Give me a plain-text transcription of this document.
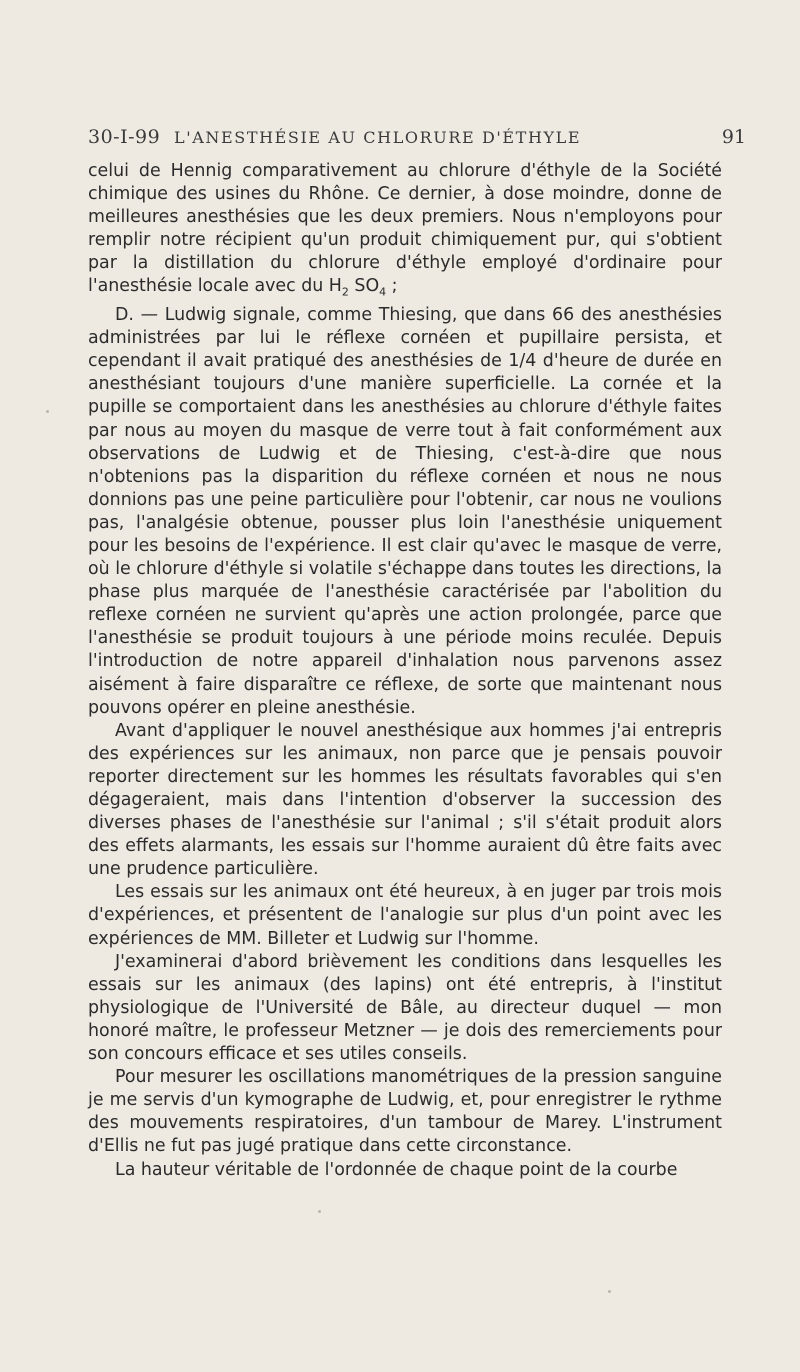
30-I-99 L'ANESTHÉSIE AU CHLORURE D'ÉTHYLE	91

celui de Hennig comparativement au chlorure d'éthyle de la Société chimique des usines du Rhône. Ce dernier, à dose moindre, donne de meilleures anesthésies que les deux premiers. Nous n'employons pour remplir notre récipient qu'un produit chimiquement pur, qui s'obtient par la distillation du chlorure d'éthyle employé d'ordinaire pour l'anesthésie locale avec du $H_2$ $SO_4$ ;

D. — Ludwig signale, comme Thiesing, que dans 66 des anesthésies administrées par lui le réflexe cornéen et pupillaire persista, et cependant il avait pratiqué des anesthésies de 1/4 d'heure de durée en anesthésiant toujours d'une manière superficielle. La cornée et la pupille se comportaient dans les anesthésies au chlorure d'éthyle faites par nous au moyen du masque de verre tout à fait conformément aux observations de Ludwig et de Thiesing, c'est-à-dire que nous n'obtenions pas la disparition du réflexe cornéen et nous ne nous donnions pas une peine particulière pour l'obtenir, car nous ne voulions pas, l'analgésie obtenue, pousser plus loin l'anesthésie uniquement pour les besoins de l'expérience. Il est clair qu'avec le masque de verre, où le chlorure d'éthyle si volatile s'échappe dans toutes les directions, la phase plus marquée de l'anesthésie caractérisée par l'abolition du reflexe cornéen ne survient qu'après une action prolongée, parce que l'anesthésie se produit toujours à une période moins reculée. Depuis l'introduction de notre appareil d'inhalation nous parvenons assez aisément à faire disparaître ce réflexe, de sorte que maintenant nous pouvons opérer en pleine anesthésie.

Avant d'appliquer le nouvel anesthésique aux hommes j'ai entrepris des expériences sur les animaux, non parce que je pensais pouvoir reporter directement sur les hommes les résultats favorables qui s'en dégageraient, mais dans l'intention d'observer la succession des diverses phases de l'anesthésie sur l'animal ; s'il s'était produit alors des effets alarmants, les essais sur l'homme auraient dû être faits avec une prudence particulière.

Les essais sur les animaux ont été heureux, à en juger par trois mois d'expériences, et présentent de l'analogie sur plus d'un point avec les expériences de MM. Billeter et Ludwig sur l'homme.

J'examinerai d'abord brièvement les conditions dans lesquelles les essais sur les animaux (des lapins) ont été entrepris, à l'institut physiologique de l'Université de Bâle, au directeur duquel — mon honoré maître, le professeur Metzner — je dois des remerciements pour son concours efficace et ses utiles conseils.

Pour mesurer les oscillations manométriques de la pression sanguine je me servis d'un kymographe de Ludwig, et, pour enregistrer le rythme des mouvements respiratoires, d'un tambour de Marey. L'instrument d'Ellis ne fut pas jugé pratique dans cette circonstance.

La hauteur véritable de l'ordonnée de chaque point de la courbe
